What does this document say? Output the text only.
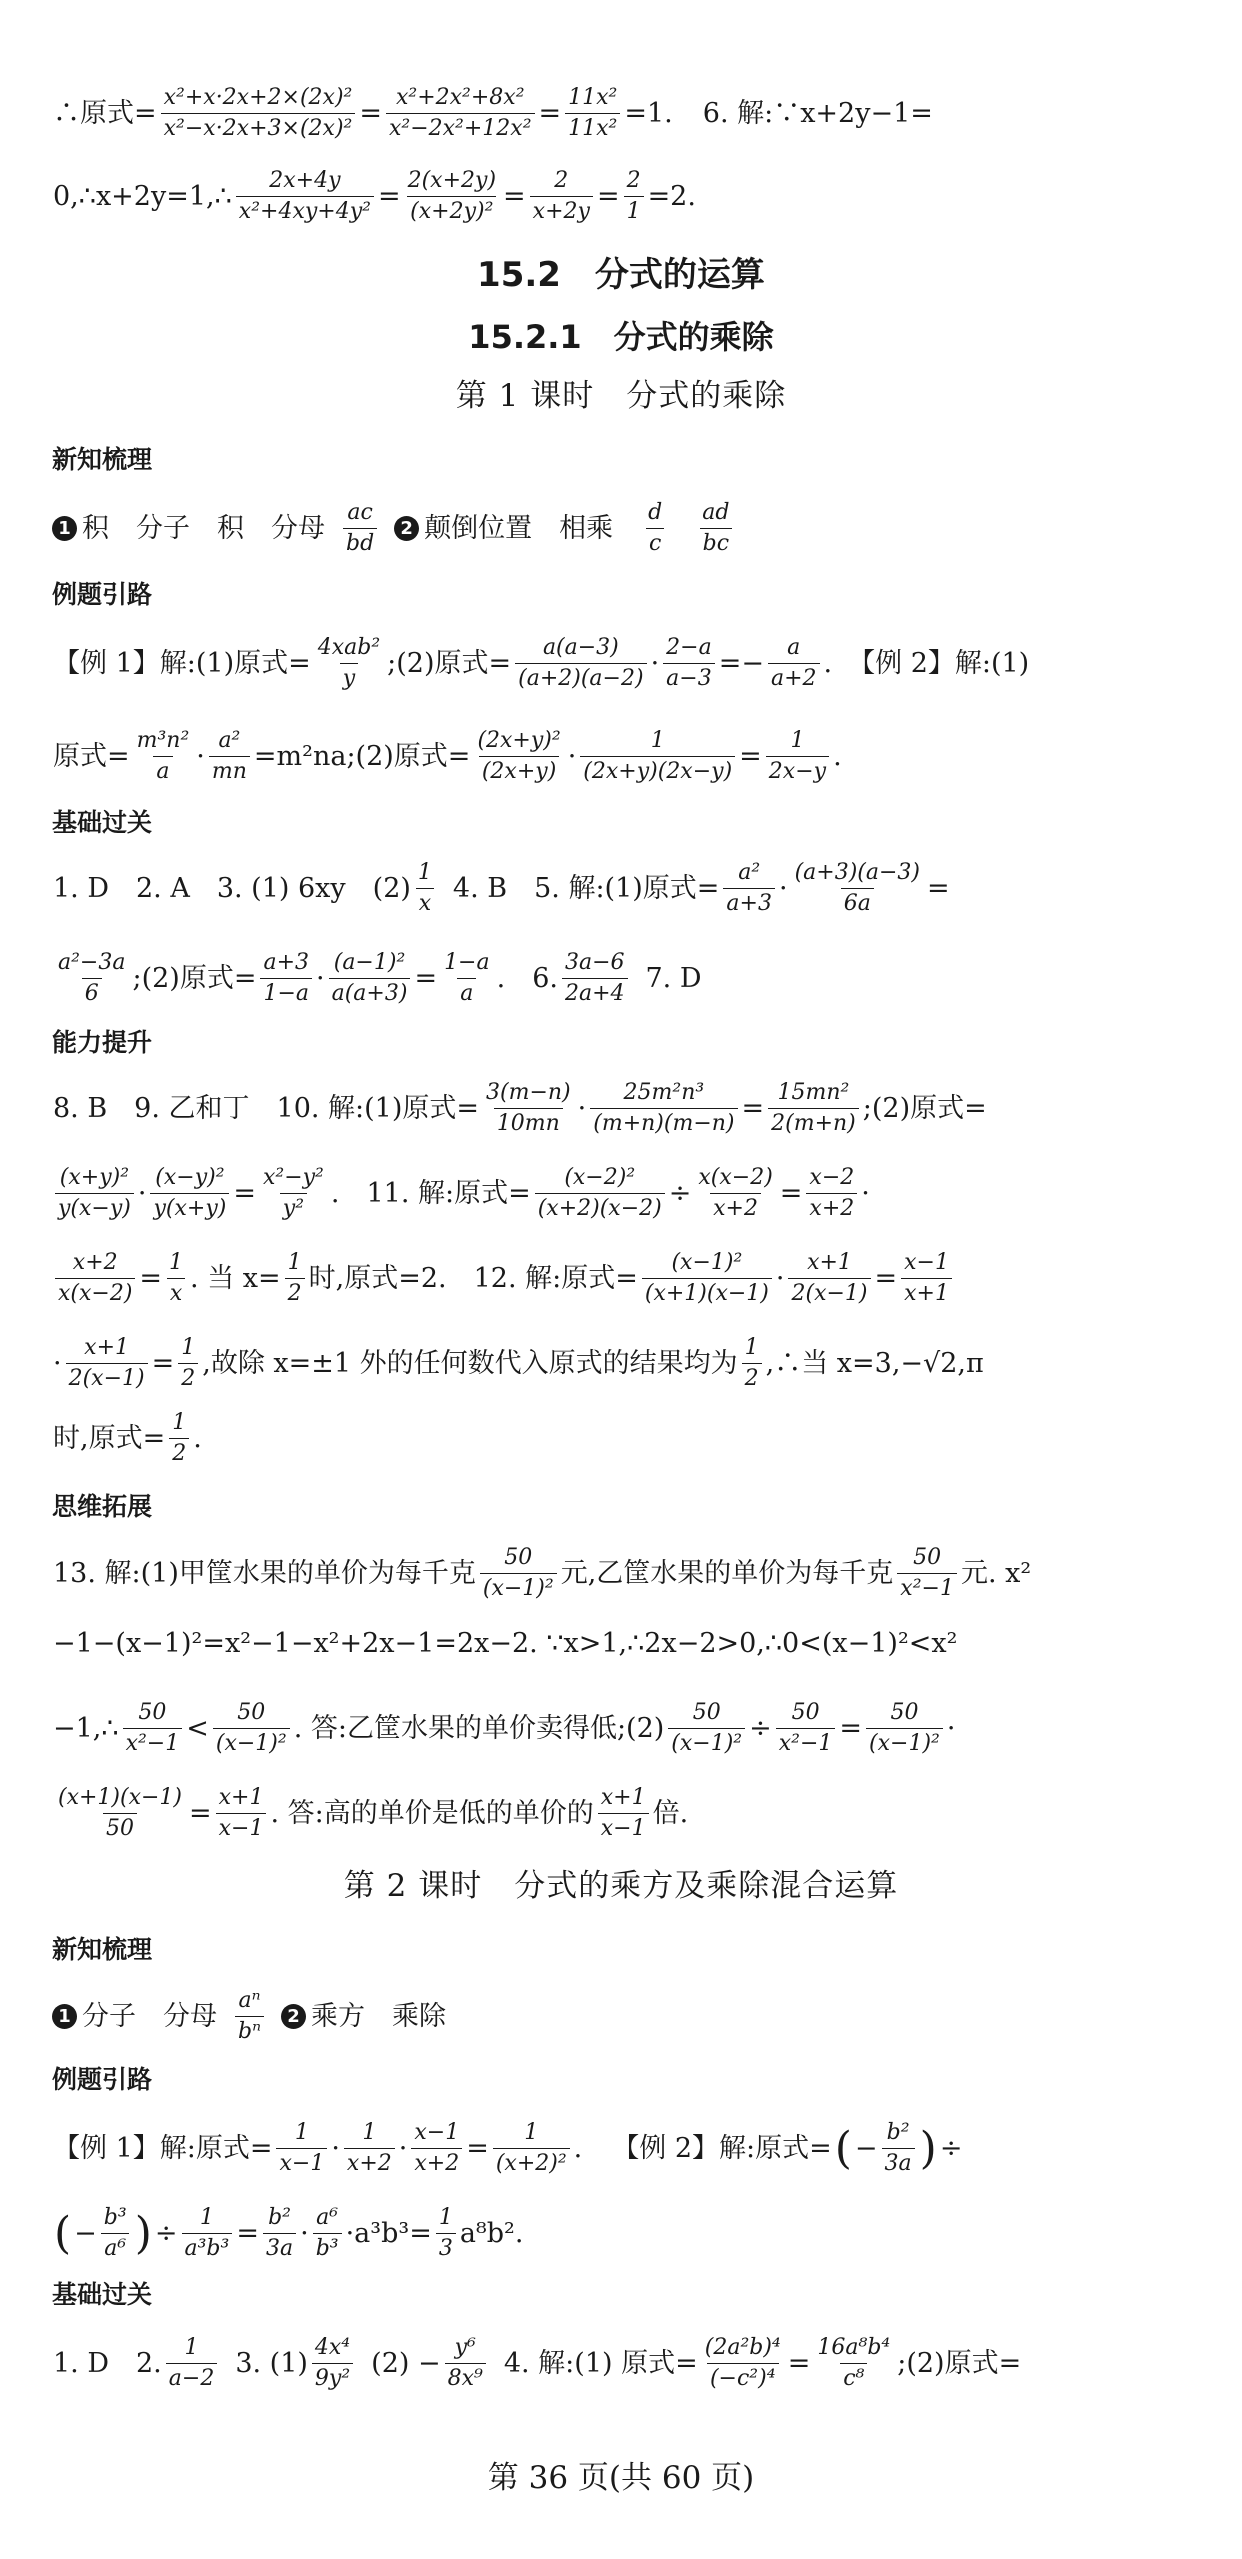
∴原式= $\frac{\text{x²+x·2x+2×(2x)²}}{\text{x²−x·2x+3×(2x)²}} = \frac{\text{x²+2x²+8x²}}{\text{x²−2x²+12x²}} = \frac{\text{11x²}}{\text{11x²}} =1$. 6. 解:∵x+2y−1=
0,∴x+2y=1,∴ $\frac{2x+4y}{\text{x²+4xy+4y²}} = \frac{2(x+2y)}{\text{(x+2y)²}} = \frac{2}{x+2y} = \frac{2}{1} =2$.
15.2　分式的运算
15.2.1　分式的乘除
第 1 课时　分式的乘除
新知梳理
1 积　分子　积　分母 $\frac{ac}{bd}$	2 颠倒位置　相乘 $\frac{d}{c} \frac{ad}{bc}$
例题引路
【例 1】解:(1)原式= $\frac{\text{4xab²}}{y}$ ;(2)原式= $\frac{a(a-3)}{(a+2)(a-2)} \cdot \frac{2-a}{a-3} =- \frac{a}{a+2}$ . 【例 2】解:(1)
原式= $\frac{\text{m³n²}}{a} \cdot \frac{\text{a²}}{mn}$ =m²na;(2)原式= $\frac{\text{(2x+y)²}}{(2x+y)} \cdot \frac{1}{(2x+y)(2x-y)} = \frac{1}{2x-y}$ .
基础过关
1. D　2. A　3. (1) 6xy　$(2) \frac{1}{x} 4$. B　5. 解:(1)原式= $\frac{\text{a²}}{a+3} \cdot \frac{(a+3)(a-3)}{6a}$ =
$\frac{\text{a²−3a}}{6}$ ;(2)原式= $\frac{a+3}{1-a} \cdot \frac{\text{(a−1)²}}{a(a+3)} = \frac{1-a}{a}$ .　6. $\frac{3a-6}{2a+4} 7$. D
能力提升
8. B　9. 乙和丁　10. 解:(1)原式= $\frac{3(m-n)}{10mn} \cdot \frac{\text{25m²n³}}{(m+n)(m-n)} = \frac{\text{15mn²}}{2(m+n)}$ ;(2)原式=
$\frac{\text{(x+y)²}}{y(x-y)} \cdot \frac{\text{(x−y)²}}{y(x+y)} = \frac{\text{x²−y²}}{\text{y²}}$ .　11. 解:原式= $\frac{\text{(x−2)²}}{(x+2)(x-2)} \div \frac{x(x-2)}{x+2} = \frac{x-2}{x+2}$ ·
$\frac{x+2}{x(x-2)} = \frac{1}{x}$ . 当 $x= \frac{1}{2}$ 时,原式=2.　12. 解:原式= $\frac{\text{(x−1)²}}{(x+1)(x-1)} \cdot \frac{x+1}{2(x-1)} = \frac{x-1}{x+1}$
· $\frac{x+1}{2(x-1)} = \frac{1}{2}$ ,故除 x=±1 外的任何数代入原式的结果均为 $\frac{1}{2}$ ,∴当 x=3,−√2,π
时,原式= $\frac{1}{2}$ .
思维拓展
13. 解:(1)甲筐水果的单价为每千克 $\frac{50}{\text{(x−1)²}}$ 元,乙筐水果的单价为每千克 $\frac{50}{\text{x²−1}}$ 元. x²
−1−(x−1)²=x²−1−x²+2x−1=2x−2. ∵x>1,∴2x−2>0,∴0<(x−1)²<x²
−1,∴ $\frac{50}{\text{x²−1}} < \frac{50}{\text{(x−1)²}}$ . 答:乙筐水果的单价卖得低;(2) $\frac{50}{\text{(x−1)²}} \div \frac{50}{\text{x²−1}} = \frac{50}{\text{(x−1)²}}$ ·
$\frac{(x+1)(x-1)}{50} = \frac{x+1}{x-1}$ . 答:高的单价是低的单价的 $\frac{x+1}{x-1}$ 倍.
第 2 课时　分式的乘方及乘除混合运算
新知梳理
1 分子　分母 $\frac{\text{aⁿ}}{\text{bⁿ}}$	2 乘方　乘除
例题引路
【例 1】解:原式= $\frac{1}{x-1} \cdot \frac{1}{x+2} \cdot \frac{x-1}{x+2} = \frac{1}{\text{(x+2)²}}$ . 【例 2】解:原式= ( − $\frac{\text{b²}}{3a}$ ) ÷
( − $\frac{\text{b³}}{\text{a⁶}}$ ) ÷ $\frac{1}{\text{a³b³}} = \frac{\text{b²}}{3a} \cdot \frac{\text{a⁶}}{\text{b³}} \cdot a^3b^3= \frac{1}{3} a^8b^2$.
基础过关
1. D　2. $\frac{1}{a-2} 3$. $(1) \frac{\text{4x⁴}}{\text{9y²}} (2) - \frac{\text{y⁶}}{\text{8x⁹}} 4$. 解:(1) 原式= $\frac{\text{(2a²b)⁴}}{\text{(−c²)⁴}} = \frac{\text{16a⁸b⁴}}{\text{c⁸}}$ ;(2)原式=
第 36 页(共 60 页)
